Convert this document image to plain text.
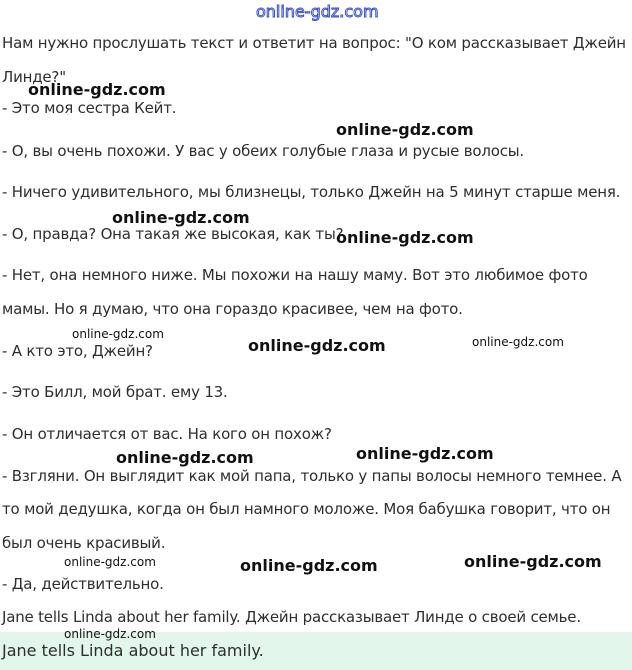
online-gdz.com
Нам нужно прослушать текст и ответит на вопрос: "О ком рассказывает Джейн
Линде?"
- Это моя сестра Кейт.
- О, вы очень похожи. У вас у обеих голубые глаза и русые волосы.
- Ничего удивительного, мы близнецы, только Джейн на 5 минут старше меня.
- О, правда? Она такая же высокая, как ты?
- Нет, она немного ниже. Мы похожи на нашу маму. Вот это любимое фото
мамы. Но я думаю, что она гораздо красивее, чем на фото.
- А кто это, Джейн?
- Это Билл, мой брат. ему 13.
- Он отличается от вас. На кого он похож?
- Взгляни. Он выглядит как мой папа, только у папы волосы немного темнее. А
то мой дедушка, когда он был намного моложе. Моя бабушка говорит, что он
был очень красивый.
- Да, действительно.
Jane tells Linda about her family. Джейн рассказывает Линде о своей семье.
Jane tells Linda about her family.
online-gdz.com
online-gdz.com
online-gdz.com
online-gdz.com
online-gdz.com
online-gdz.com	online-gdz.com
online-gdz.com
online-gdz.com
online-gdz.com	online-gdz.com	online-gdz.com
online-gdz.com
